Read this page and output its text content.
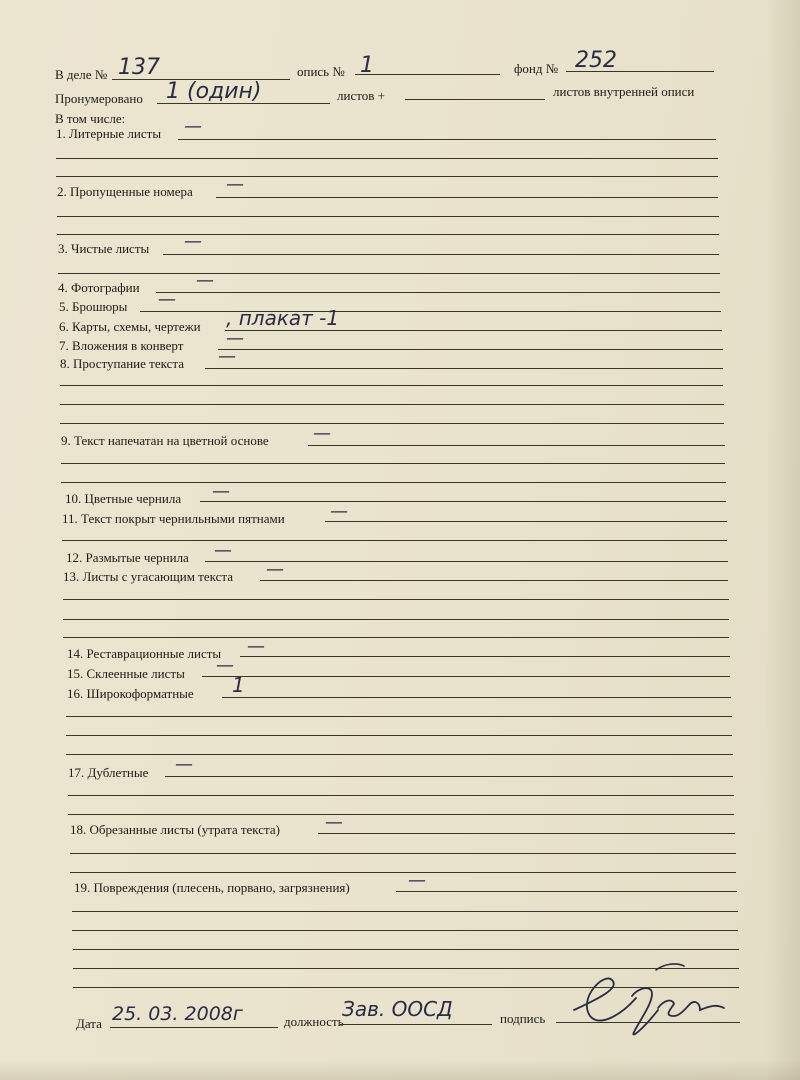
В деле № 137	опись № 1	фонд № 252
Пронумеровано 1 (один)	листов +	листов внутренней описи
В том числе:
1. Литерные листы —
2. Пропущенные номера —
3. Чистые листы —
4. Фотографии	—
5. Брошюры —
6. Карты, схемы, чертежи , плакат -1
7. Вложения в конверт —
8. Проступание текста —
9. Текст напечатан на цветной основе —
10. Цветные чернила —
11. Текст покрыт чернильными пятнами	—
12. Размытые чернила —
13. Листы с угасающим текста —
14. Реставрационные листы —
15. Склеенные листы —
16. Широкоформатные 1
17. Дублетные —
18. Обрезанные листы (утрата текста)	—
19. Повреждения (плесень, порвано, загрязнения)	—
Дата 25. 03. 2008г	должность
Зав. ООСД	подпись
